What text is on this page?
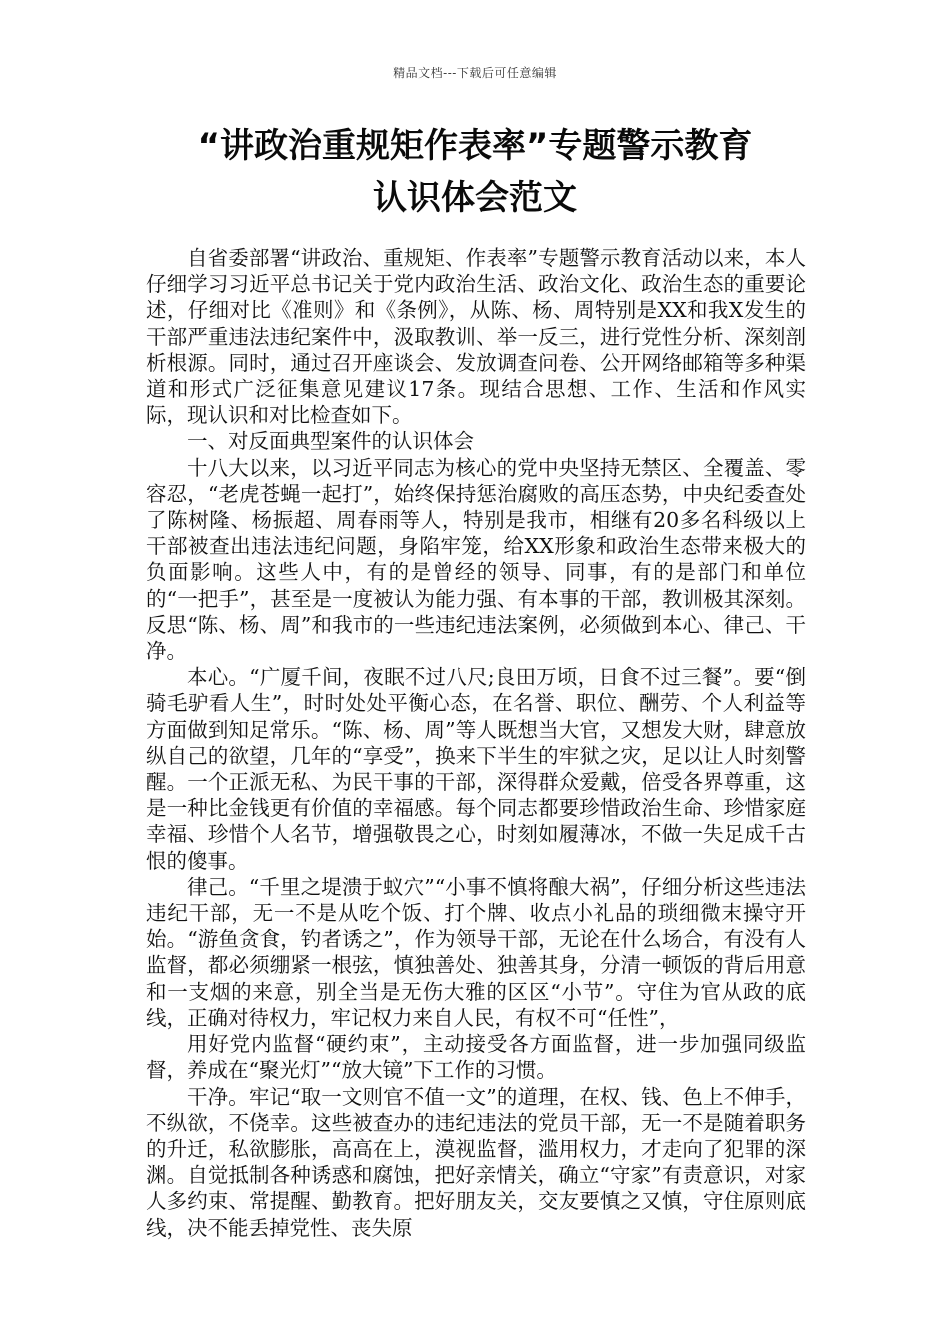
精品文档---下载后可任意编辑
“讲政治重规矩作表率”专题警示教育
认识体会范文

自省委部署“讲政治、重规矩、作表率”专题警示教育活动以来，本人仔细学习习近平总书记关于党内政治生活、政治文化、政治生态的重要论述，仔细对比《准则》和《条例》，从陈、杨、周特别是XX和我X发生的干部严重违法违纪案件中，汲取教训、举一反三，进行党性分析、深刻剖析根源。同时，通过召开座谈会、发放调查问卷、公开网络邮箱等多种渠道和形式广泛征集意见建议17条。现结合思想、工作、生活和作风实际，现认识和对比检查如下。

一、对反面典型案件的认识体会

十八大以来，以习近平同志为核心的党中央坚持无禁区、全覆盖、零容忍，“老虎苍蝇一起打”，始终保持惩治腐败的高压态势，中央纪委查处了陈树隆、杨振超、周春雨等人，特别是我市，相继有20多名科级以上干部被查出违法违纪问题，身陷牢笼，给XX形象和政治生态带来极大的负面影响。这些人中，有的是曾经的领导、同事，有的是部门和单位的“一把手”，甚至是一度被认为能力强、有本事的干部，教训极其深刻。反思“陈、杨、周”和我市的一些违纪违法案例，必须做到本心、律己、干净。

本心。“广厦千间，夜眠不过八尺;良田万顷，日食不过三餐”。要“倒骑毛驴看人生”，时时处处平衡心态，在名誉、职位、酬劳、个人利益等方面做到知足常乐。“陈、杨、周”等人既想当大官，又想发大财，肆意放纵自己的欲望，几年的“享受”，换来下半生的牢狱之灾，足以让人时刻警醒。一个正派无私、为民干事的干部，深得群众爱戴，倍受各界尊重，这是一种比金钱更有价值的幸福感。每个同志都要珍惜政治生命、珍惜家庭幸福、珍惜个人名节，增强敬畏之心，时刻如履薄冰，不做一失足成千古恨的傻事。

律己。“千里之堤溃于蚁穴”“小事不慎将酿大祸”，仔细分析这些违法违纪干部，无一不是从吃个饭、打个牌、收点小礼品的琐细微末操守开始。“游鱼贪食，钓者诱之”，作为领导干部，无论在什么场合，有没有人监督，都必须绷紧一根弦，慎独善处、独善其身，分清一顿饭的背后用意和一支烟的来意，别全当是无伤大雅的区区“小节”。守住为官从政的底线，正确对待权力，牢记权力来自人民，有权不可“任性”，

用好党内监督“硬约束”，主动接受各方面监督，进一步加强同级监督，养成在“聚光灯”“放大镜”下工作的习惯。

干净。牢记“取一文则官不值一文”的道理，在权、钱、色上不伸手，不纵欲，不侥幸。这些被查办的违纪违法的党员干部，无一不是随着职务的升迁，私欲膨胀，高高在上，漠视监督，滥用权力，才走向了犯罪的深渊。自觉抵制各种诱惑和腐蚀，把好亲情关，确立“守家”有责意识，对家人多约束、常提醒、勤教育。把好朋友关，交友要慎之又慎，守住原则底线，决不能丢掉党性、丧失原
